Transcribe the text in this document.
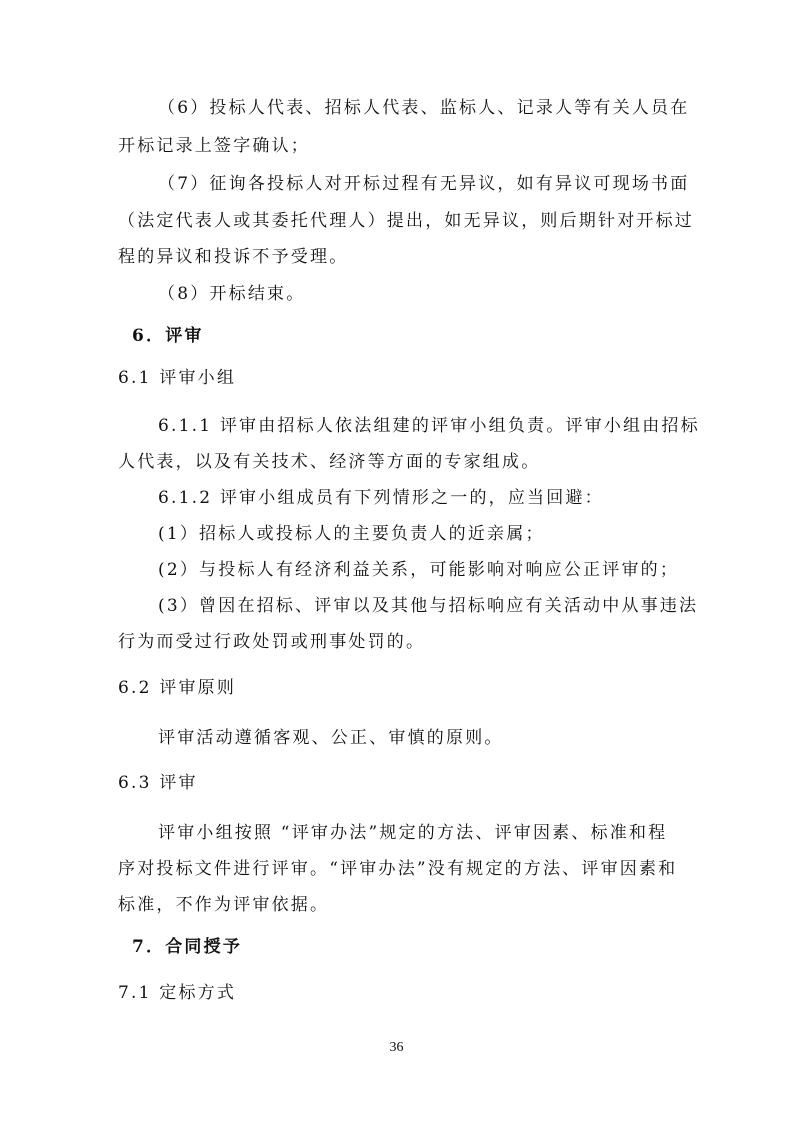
（6）投标人代表、招标人代表、监标人、记录人等有关人员在
开标记录上签字确认；
（7）征询各投标人对开标过程有无异议，如有异议可现场书面
（法定代表人或其委托代理人）提出，如无异议，则后期针对开标过
程的异议和投诉不予受理。
（8）开标结束。
6．评审
6.1 评审小组
6.1.1 评审由招标人依法组建的评审小组负责。评审小组由招标
人代表，以及有关技术、经济等方面的专家组成。
6.1.2 评审小组成员有下列情形之一的，应当回避：
(1）招标人或投标人的主要负责人的近亲属；
(2）与投标人有经济利益关系，可能影响对响应公正评审的；
(3）曾因在招标、评审以及其他与招标响应有关活动中从事违法
行为而受过行政处罚或刑事处罚的。
6.2 评审原则
评审活动遵循客观、公正、审慎的原则。
6.3 评审
评审小组按照 “评审办法”规定的方法、评审因素、标准和程
序对投标文件进行评审。“评审办法”没有规定的方法、评审因素和
标准，不作为评审依据。
7．合同授予
7.1 定标方式
36
